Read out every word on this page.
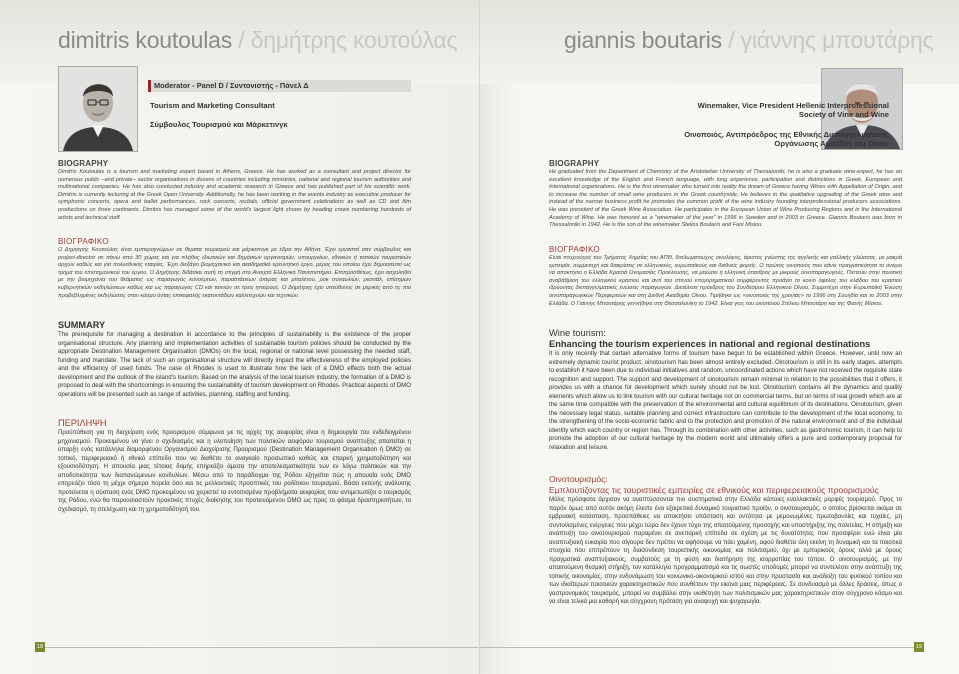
dimitris koutoulas / δημήτρης κουτούλας
Moderator - Panel D / Συντονιστής - Πάνελ Δ
Tourism and Marketing Consultant
Σύμβουλος Τουρισμού και Μάρκετινγκ
BIOGRAPHY

Dimitris Koutoulas is a tourism and marketing expert based in Athens, Greece. He has worked as a consultant and project director for numerous public –and private– sector organisations in dozens of countries including ministries, national and regional tourism authorities and multinational companies. He has also conducted industry and academic research in Greece and has published part of his scientific work. Dimitris is currently lecturing at the Greek Open University. Additionally, he has been working in the events industry as executive producer for symphonic concerts, opera and ballet performances, rock concerts, recitals, official government celebrations as well as CD and film productions on three continents. Dimitris has managed some of the world's largest light shows by heading crews numbering hundreds of artists and technical staff.

ΒΙΟΓΡΑΦΙΚΟ

Ο Δημήτρης Κουτούλας είναι εμπειρογνώμων σε θέματα τουρισμού και μάρκετινγκ με έδρα την Αθήνα. Έχει εργαστεί σαν σύμβουλος και project-director σε πάνω από 30 χώρες και για πλήθος ιδιωτικών και δημόσιων οργανισμών, υπουργείων, εθνικών ή τοπικών τουριστικών αρχών καθώς και για πολυεθνικές εταιρίες. Έχει διεξάγει βιομηχανικό και ακαδημαϊκό ερευνητικό έργο, μέρος του οποίου έχει δημοσιευτεί ως τμήμα του επιστημονικού του έργου. Ο Δημήτρης διδάσκει αυτή τη στιγμή στο Ανοιχτό Ελληνικό Πανεπιστήμιο. Επιπροσθέτως, έχει ασχοληθεί με την βιομηχανία του θεάματος ως παραγωγός κονσέρτων, παραστάσεων όπερας και μπαλέτου, ροκ συναυλιών, ρεσιτάλ, επίσημων κυβερνητικών εκδηλώσεων καθώς και ως παραγωγός CD και ταινιών σε τρεις ηπείρους. Ο Δημήτρης έχει υπεύθυνος σε μερικές από τις πιο προβεβλημένες εκδηλώσεις στον κόσμο όντας επικεφαλής εκατοντάδων καλλιτεχνών και τεχνικών.

SUMMARY

The prerequisite for managing a destination in accordance to the principles of sustainability is the existence of the proper organisational structure. Any planning and implementation activities of sustainable tourism policies should be conducted by the appropriate Destination Management Organisation (DMOs) on the local, regional or national level possessing the needed staff, funding and mandate. The lack of such an organisational structure will directly impact the effectiveness of the employed policies and the efficiency of used funds. The case of Rhodes is used to illustrate how the lack of a DMO effects both the actual development and the outlook of the island's tourism. Based on the analysis of the local tourism industry, the formation of a DMO is proposed to deal with the shortcomings in ensuring the sustainability of tourism development on Rhodes. Practical aspects of DMO operations will be presented such as range of activities, planning, staffing and funding.

ΠΕΡΙΛΗΨΗ

Προϋπόθεση για τη διαχείριση ενός προορισμού σύμφωνα με τις αρχές της αειφορίας είναι η δημιουργία του ενδεδειγμένου μηχανισμού. Προκειμένου να γίνει ο σχεδιασμός και η υλοποίηση των πολιτικών αειφόρου τουρισμού αναπτυξης απαιτείται η ύπαρξη ενός κατάλληλα διαμορφένου Οργανισμού Διαχείρισης Προορισμού (Destination Management Organisation ή DMO) σε τοπικό, περιφερειακό ή εθνικό επίπεδο που να διαθέτει το αναγκαίο προσωπικό καθώς και επαρκή χρηματοδότηση και εξουσιοδότηση. Η απουσία μιας τέτοιας δομής επηρεάζει άμεσα την αποτελεσματικότητα των εν λόγω πολιτικών και την αποδοτικότητα των διαπανώμενων κονδυλίων. Μέσω από το παράδειγμα της Ρόδου εξηγείται πώς η απουσία ενός DMO επηρεάζει τόσο τη μέχρι σήμερα πορεία όσο και τις μελλοντικές προοπτικές του ροδίτικου τουρισμού. Βάσει εκτενής ανάλυσης προτείνεται η σύσταση ενός DMO προκειμένου να χειριστεί τα εντοπισμένα προβλήματα αειφορίας που αντιμετωπίζει ο τουρισμός της Ρόδου, ενώ θα παρουσιαστούν πρακτικές πτυχές διοίκησης του προτεινόμενου DMO ως προς το φάσμα δραστηριοτήτων, το σχεδιασμό, τη στελέχωση και τη χρηματοδότησή του.

18
giannis boutaris / γιάννης μπουτάρης
Winemaker, Vice President Hellenic Interprofessional
Society of Vine and Wine
Οινοποιός, Αντιπρόεδρος της Εθνικής Διεπαγγελματικής
Οργάνωσης Αμπέλου και Οίνου
BIOGRAPHY

He graduated from the Department of Chemistry of the Aristotelian University of Thessaloniki, he is also a graduate wine-expert, he has an excellent knowledge of the English and French language, with long experience, participation and distinctions in Greek, European and International organizations. He is the first winemaker who turned into reality the dream of Greece having Wines with Appellation of Origin, and to increase the number of small wine producers in the Greek countryside. He believes in the qualitative upgrading of the Greek wine and instead of the narrow business profit he promotes the common profit of the wine industry founding interprofessional producers associations. He was president of the Greek Wine Association. He participates in the European Union of Wine Producing Regions and in the International Academy of Wine. He was honored as a "winemaker of the year" in 1996 in Sweden and in 2003 in Greece. Giannis Boutaris was born in Thessaloniki in 1942. He is the son of the winemaker Stelios Boutaris and Fani Misiou.

ΒΙΟΓΡΑΦΙΚΟ

Είναι πτυχιούχος του Τμήματος Χημείας του ΑΠΘ, διπλωματούχος οινολόγος, άριστος γνώστης της αγγλικής και γαλλικής γλώσσας, με μακρά εμπειρία, συμμετοχή και διακρίσεις σε ελληνικούς, ευρωπαϊκούς και διεθνείς φορείς. Ο πρώτος οινοποιός που κάνει πραγματικότητα το όνειρο να αποκτήσει η Ελλάδα Κρασιά Ονομασίας Προέλευσης, να μειώσει η ελληνική ύπαιθρος με μικρούς οινοπαραγωγούς. Πιστεύει στην ποιοτική αναβάθμιση του ελληνικού κρασιού και αντί του στενού επιχειρηματικού συμφέροντος προάγει το κοινό όφελος του κλάδου του κρασιού ιδρύοντας διεπαγγελματικές ενώσεις παραγωγών. Διετέλεσε πρόεδρος του Συνδέσμου Ελληνικού Οίνου. Συμμετέχει στην Ευρωπαϊκή Ένωση οινοπαραγωγικών Περιφερειών και στη Διεθνή Ακαδημία Οίνου. Τιμήθηκε ως «οινοποιός της χρονιάς» το 1996 στη Σουηδία και το 2003 στην Ελλάδα. Ο Γιάννης Μπουτάρης γεννήθηκε στη Θεσσαλονίκη το 1942. Είναι γιος του οινοποιού Στέλιου Μπουτάρη και της Φανής Μίσιου.

Wine tourism:
Enhancing the tourism experiences in national and regional destinations

It is only recently that certain alternative forms of tourism have begun to be established within Greece. However, until now an extremely dynamic tourist product, oinotourism has been almost entirely excluded. Oinotourism is still in its early stages, attempts to establish it have been due to individual initiatives and random, uncoordinated actions which have not received the requisite state recognition and support. The support and development of oinotourism remain minimal in relation to the possibilities that it offers, it provides us with a chance for development which surely should not be lost. Oinotourism contains all the dynamics and quality elements which allow us to link tourism with our cultural heritage not on commercial terms, but on terms of real growth which are at the same time compatible with the preservation of the environmental and cultural equilibrium of its destinations. Oinotourism, given the necessary legal status, suitable planning and correct infrastructure can contribute to the development of the local economy, to the strengthening of the socio-economic fabric and to the protection and promotion of the natural environment and of the individual identity which each country or region has. Through its combination with other activities, such as gastronomic tourism, it can help to promote the adoption of our cultural heritage by the modern world and ultimately offers a pure and contemporary proposal for relaxation and leisure.

Οινοτουρισμός:
Εμπλουτίζοντας τις τουριστικές εμπειρίες σε εθνικούς και περιφερειακούς προορισμούς

Μόλις πρόσφατα άρχισαν να αναπτύσσονται πιο συστηματικά στην Ελλάδα κάποιες εναλλακτικές μορφές τουρισμού. Προς το παρόν όμως από αυτόν ακόμη έλειπε ένα εξαιρετικά δυναμικό τουριστικό προϊόν, ο οινοτουρισμός, ο οποίος βρίσκεται ακόμα σε εμβρυακή κατάσταση, προσπάθειες να αποκτήσει υπόσταση και οντότητα με μεμονωμένες πρωτοβουλίες και τυχαίες, μη συντονισμένες ενέργειες που μέχρι τώρα δεν έχουν τύχει της απαιτούμενης προσοχής και υποστήριξης της πολιτείας. Η στήριξη και ανάπτυξη του οινοτουρισμού παραμένει σε ανεπαρκή επίπεδα σε σχέση με τις δυνατότητες που προσφέρει ενώ είναι μία αναπτυξιακή ευκαιρία που σίγουρα δεν πρέπει να αφήσουμε να πάει χαμένη, αφού διαθέτει όλη εκείνη τη δυναμική και τα ποιοτικά στοιχεία που επιτρέπουν τη διασύνδεση τουριστικής οικονομίας και πολιτισμού, όχι με εμπορικούς όρους αλλά με όρους πραγματικά αναπτυξιακούς, συμβατούς με τη φύση και διατήρηση της ισορροπίας του τόπου. Ο οινοτουρισμός, με την απαιτούμενη θεσμική στήριξη, τον κατάλληλο προγραμματισμό και τις σωστές υποδομές μπορεί να συντελέσει στην ανάπτυξη της τοπικής οικονομίας, στην ενδυνάμωση του κοινωνικο-οικονομικού ιστού και στην προστασία και ανάδειξη του φυσικού τοπίου και των ιδιαίτερων ποιοτικών χαρακτηριστικών που συνθέτουν την εικόνα μιας περιφέρειας. Σε συνδυασμό με άλλες δράσεις, όπως ο γαστρονομικός τουρισμός, μπορεί να συμβάλει στην υιοθέτηση των πολιτισμικών μας χαρακτηριστικών στον σύγχρονο κόσμο και να είναι τελικά μια καθαρή και σύγχρονη πρόταση για αναψυχή και ψυχαγωγία.

19
